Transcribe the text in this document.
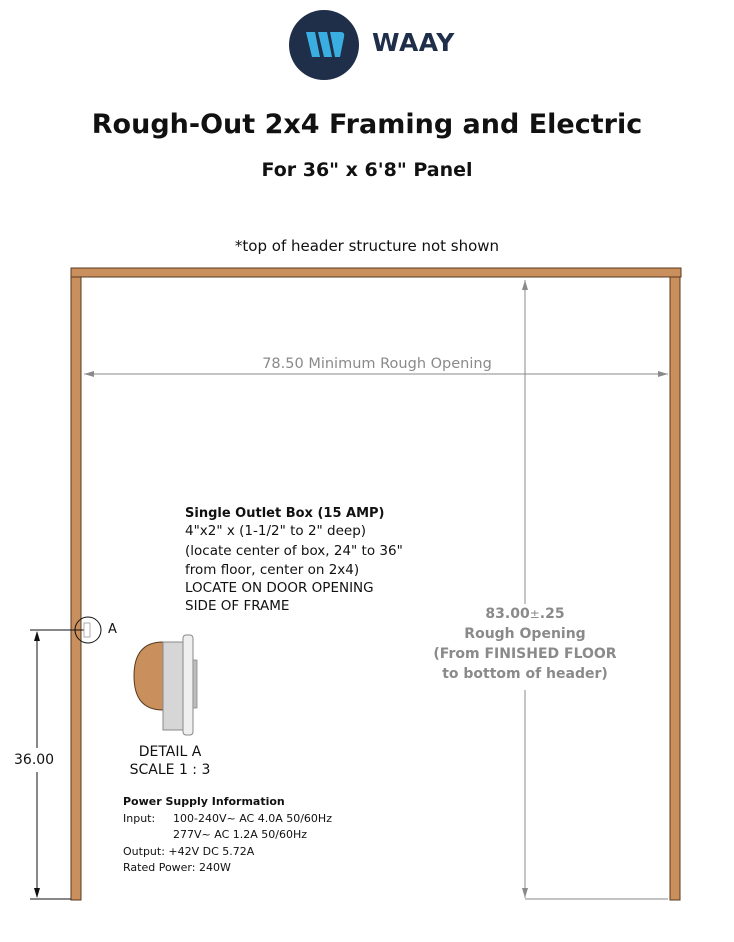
WAAY
Rough-Out 2x4 Framing and Electric
For 36" x 6'8" Panel
*top of header structure not shown
78.50 Minimum Rough Opening
83.00±.25
Rough Opening
(From FINISHED FLOOR
to bottom of header)
36.00
Single Outlet Box (15 AMP)
4"x2" x (1-1/2" to 2" deep)
(locate center of box, 24" to 36"
from floor, center on 2x4)
LOCATE ON DOOR OPENING
SIDE OF FRAME
A
DETAIL A
SCALE 1 : 3
Power Supply Information
Input: 100-240V~ AC 4.0A 50/60Hz
277V~ AC 1.2A 50/60Hz
Output: +42V DC 5.72A
Rated Power: 240W
